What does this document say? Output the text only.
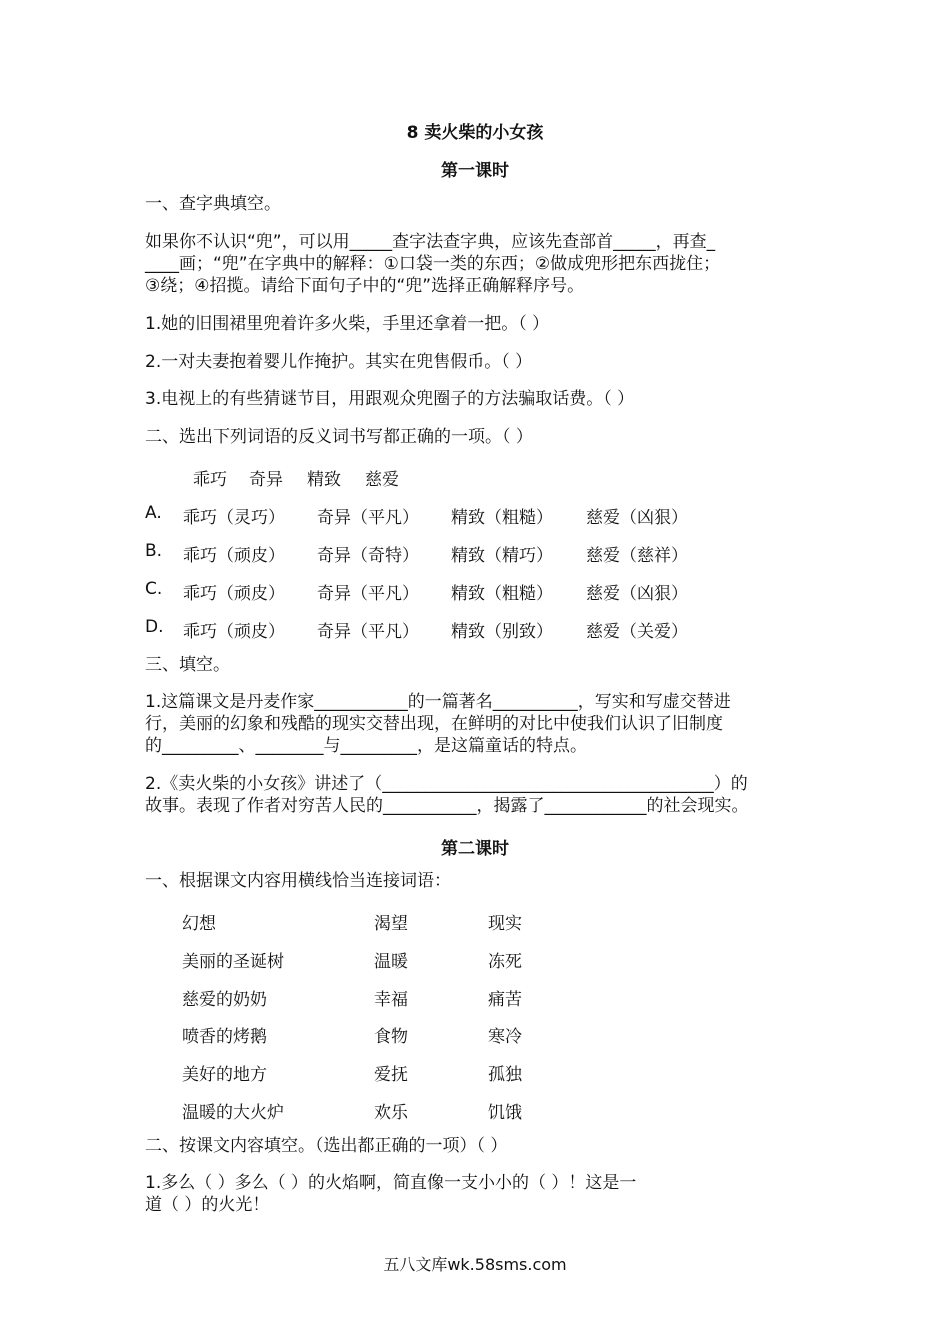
8 卖火柴的小女孩
第一课时
一、查字典填空。
如果你不认识“兜”，可以用_____查字法查字典，应该先查部首_____，再查_
____画；“兜”在字典中的解释：①口袋一类的东西；②做成兜形把东西拢住；
③绕；④招揽。请给下面句子中的“兜”选择正确解释序号。
1.她的旧围裙里兜着许多火柴，手里还拿着一把。（ ）
2.一对夫妻抱着婴儿作掩护。其实在兜售假币。（ ）
3.电视上的有些猜谜节目，用跟观众兜圈子的方法骗取话费。（ ）
二、选出下列词语的反义词书写都正确的一项。（ ）
乖巧 奇异 精致 慈爱
A. 乖巧（灵巧） 奇异（平凡） 精致（粗糙） 慈爱（凶狠）
B. 乖巧（顽皮） 奇异（奇特） 精致（精巧） 慈爱（慈祥）
C. 乖巧（顽皮） 奇异（平凡） 精致（粗糙） 慈爱（凶狠）
D. 乖巧（顽皮） 奇异（平凡） 精致（别致） 慈爱（关爱）
三、填空。
1.这篇课文是丹麦作家___________的一篇著名__________，写实和写虚交替进
行，美丽的幻象和残酷的现实交替出现，在鲜明的对比中使我们认识了旧制度
的_________、________与_________，是这篇童话的特点。
2.《卖火柴的小女孩》讲述了（_______________________________________）的
故事。表现了作者对穷苦人民的___________，揭露了____________的社会现实。
第二课时
一、根据课文内容用横线恰当连接词语：
幻想
美丽的圣诞树
慈爱的奶奶
喷香的烤鹅
美好的地方
温暖的大火炉
渴望
温暖
幸福
食物
爱抚
欢乐
现实
冻死
痛苦
寒冷
孤独
饥饿
二、按课文内容填空。（选出都正确的一项）（ ）
1.多么（ ）多么（ ）的火焰啊，简直像一支小小的（ ）！这是一
道（ ）的火光！
五八文库wk.58sms.com
